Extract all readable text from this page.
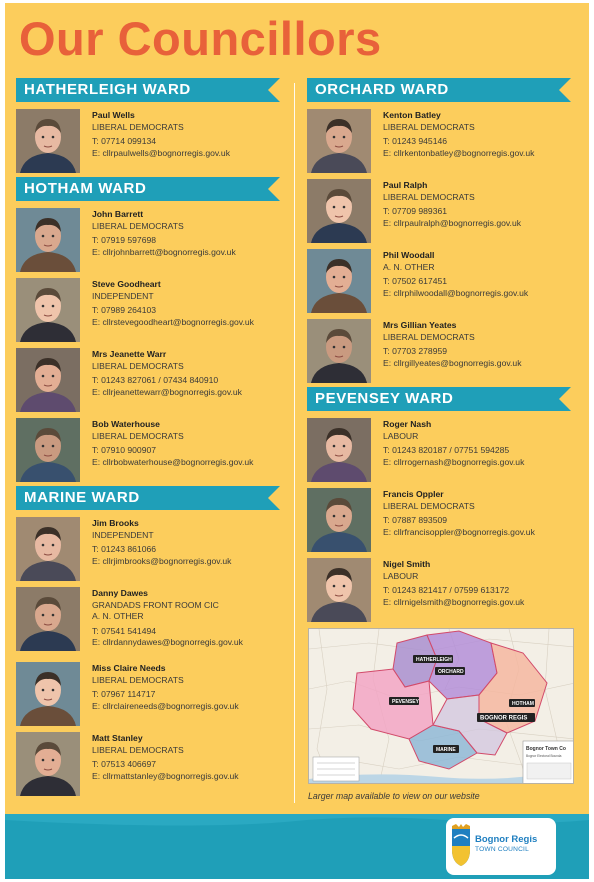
Our Councillors
HATHERLEIGH WARD
Paul Wells
LIBERAL DEMOCRATS
T: 07714 099134
E: cllrpaulwells@bognorregis.gov.uk
HOTHAM WARD
John Barrett
LIBERAL DEMOCRATS
T: 07919 597698
E: cllrjohnbarrett@bognorregis.gov.uk
Steve Goodheart
INDEPENDENT
T: 07989 264103
E: cllrstevegoodheart@bognorregis.gov.uk
Mrs Jeanette Warr
LIBERAL DEMOCRATS
T: 01243 827061 / 07434 840910
E: cllrjeanettewarr@bognorregis.gov.uk
Bob Waterhouse
LIBERAL DEMOCRATS
T: 07910 900907
E: cllrbobwaterhouse@bognorregis.gov.uk
MARINE WARD
Jim Brooks
INDEPENDENT
T: 01243 861066
E: cllrjimbrooks@bognorregis.gov.uk
Danny Dawes
GRANDADS FRONT ROOM CIC
A. N. OTHER
T: 07541 541494
E: cllrdannydawes@bognorregis.gov.uk
Miss Claire Needs
LIBERAL DEMOCRATS
T: 07967 114717
E: cllrclaireneeds@bognorregis.gov.uk
Matt Stanley
LIBERAL DEMOCRATS
T: 07513 406697
E: cllrmattstanley@bognorregis.gov.uk
ORCHARD WARD
Kenton Batley
LIBERAL DEMOCRATS
T: 01243 945146
E: cllrkentonbatley@bognorregis.gov.uk
Paul Ralph
LIBERAL DEMOCRATS
T: 07709 989361
E: cllrpaulralph@bognorregis.gov.uk
Phil Woodall
A. N. OTHER
T: 07502 617451
E: cllrphilwoodall@bognorregis.gov.uk
Mrs Gillian Yeates
LIBERAL DEMOCRATS
T: 07703 278959
E: cllrgillyeates@bognorregis.gov.uk
PEVENSEY WARD
Roger Nash
LABOUR
T: 01243 820187 / 07751 594285
E: cllrrogernash@bognorregis.gov.uk
Francis Oppler
LIBERAL DEMOCRATS
T: 07887 893509
E: cllrfrancisoppler@bognorregis.gov.uk
Nigel Smith
LABOUR
T: 01243 821417 / 07599 613172
E: cllrnigelsmith@bognorregis.gov.uk
HATHERLEIGH
ORCHARD
PEVENSEY	HOTHAM
BOGNOR REGIS
MARINE	Bognor Town Co
Bognor Electoral Bounda
Larger map available to view on our website
Bognor Regis
TOWN COUNCIL
